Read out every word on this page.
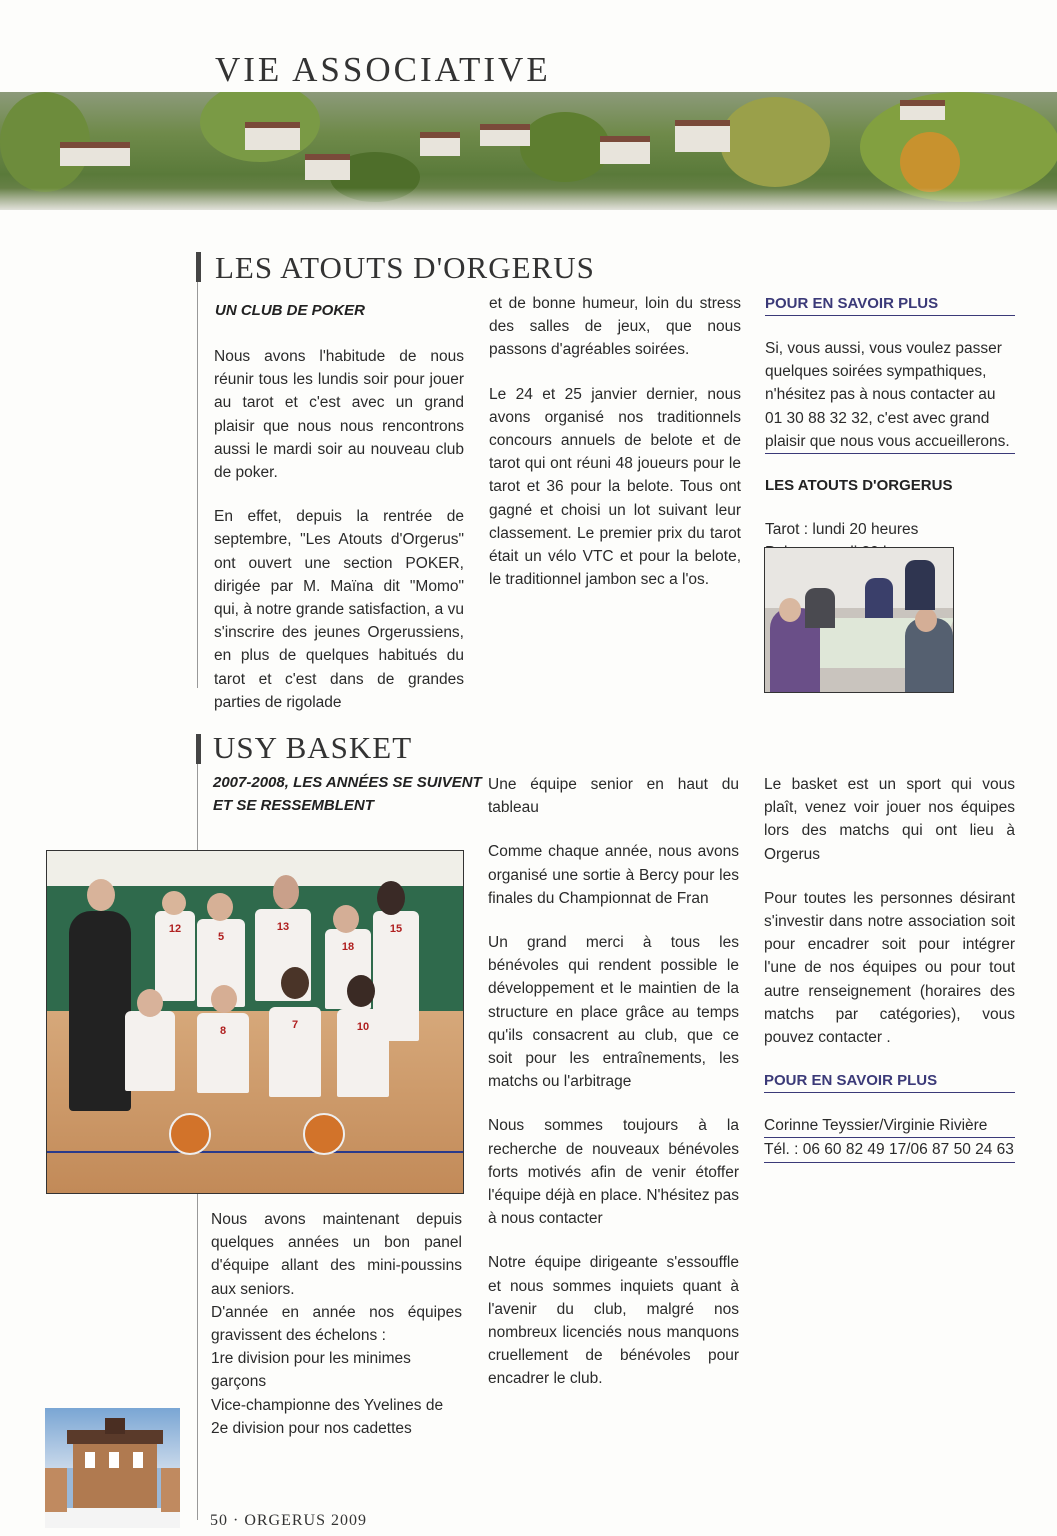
VIE ASSOCIATIVE
LES ATOUTS D'ORGERUS
UN CLUB DE POKER

Nous avons l'habitude de nous réunir tous les lundis soir pour jouer au tarot et c'est avec un grand plaisir que nous nous rencontrons aussi le mardi soir au nouveau club de poker.

En effet, depuis la rentrée de septembre, "Les Atouts d'Orgerus" ont ouvert une section POKER, dirigée par M. Maïna dit "Momo" qui, à notre grande satisfaction, a vu s'inscrire des jeunes Orgerussiens, en plus de quelques habitués du tarot et c'est dans de grandes parties de rigolade

et de bonne humeur, loin du stress des salles de jeux, que nous passons d'agréables soirées.

Le 24 et 25 janvier dernier, nous avons organisé nos traditionnels concours annuels de belote et de tarot qui ont réuni 48 joueurs pour le tarot et 36 pour la belote. Tous ont gagné et choisi un lot suivant leur classement. Le premier prix du tarot était un vélo VTC et pour la belote, le traditionnel jambon sec a l'os.

POUR EN SAVOIR PLUS

Si, vous aussi, vous voulez passer quelques soirées sympathiques, n'hésitez pas à nous contacter au 01 30 88 32 32, c'est avec grand plaisir que nous vous accueillerons.

LES ATOUTS D'ORGERUS

Tarot : lundi 20 heures

USY BASKET
2007-2008, LES ANNÉES SE SUIVENT
ET SE RESSEMBLENT
12
5
13
18
15
8	7	10

Nous avons maintenant depuis quelques années un bon panel d'équipe allant des mini-poussins aux seniors.

D'année en année nos équipes gravissent des échelons :

1re division pour les minimes garçons

Vice-championne des Yvelines de 2e division pour nos cadettes

Une équipe senior en haut du tableau

Comme chaque année, nous avons organisé une sortie à Bercy pour les finales du Championnat de Fran

Un grand merci à tous les bénévoles qui rendent possible le développement et le maintien de la structure en place grâce au temps qu'ils consacrent au club, que ce soit pour les entraînements, les matchs ou l'arbitrage

Nous sommes toujours à la recherche de nouveaux bénévoles forts motivés afin de venir étoffer l'équipe déjà en place. N'hésitez pas à nous contacter

Notre équipe dirigeante s'essouffle et nous sommes inquiets quant à l'avenir du club, malgré nos nombreux licenciés nous manquons cruellement de bénévoles pour encadrer le club.

Le basket est un sport qui vous plaît, venez voir jouer nos équipes lors des matchs qui ont lieu à Orgerus

Pour toutes les personnes désirant s'investir dans notre association soit pour encadrer soit pour intégrer l'une de nos équipes ou pour tout autre renseignement (horaires des matchs par catégories), vous pouvez contacter .

POUR EN SAVOIR PLUS

Corinne Teyssier/Virginie Rivière

Tél. : 06 60 82 49 17/06 87 50 24 63

50 · ORGERUS 2009
